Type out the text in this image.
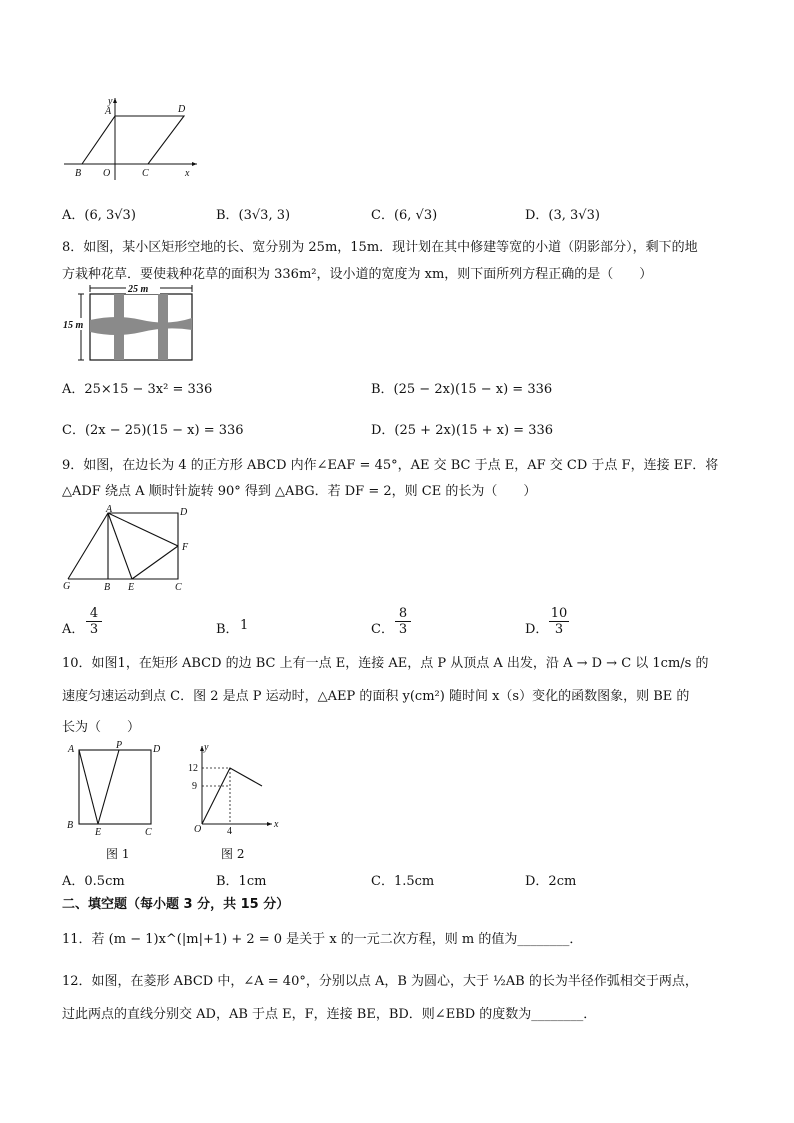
y
A	D
B O	C	x
A．(6, 3√3)	B．(3√3, 3)	C．(6, √3)	D．(3, 3√3)
8．如图，某小区矩形空地的长、宽分别为 25m，15m．现计划在其中修建等宽的小道（阴影部分），剩下的地
方栽种花草．要使栽种花草的面积为 336m²，设小道的宽度为 xm，则下面所列方程正确的是（　　）
25 m
15 m
A．25×15 − 3x² = 336	B．(25 − 2x)(15 − x) = 336
C．(2x − 25)(15 − x) = 336	D．(25 + 2x)(15 + x) = 336
9．如图，在边长为 4 的正方形 ABCD 内作∠EAF = 45°，AE 交 BC 于点 E，AF 交 CD 于点 F，连接 EF．将
△ADF 绕点 A 顺时针旋转 90° 得到 △ABG．若 DF = 2，则 CE 的长为（　　）
A	D
F
G	B E	C
A． $\frac{4}{3}$	B． 1	C． $\frac{8}{3}$	D． $\frac{10}{3}$
10．如图1，在矩形 ABCD 的边 BC 上有一点 E，连接 AE，点 P 从顶点 A 出发，沿 A → D → C 以 1cm/s 的
速度匀速运动到点 C．图 2 是点 P 运动时，△AEP 的面积 y(cm²) 随时间 x（s）变化的函数图象，则 BE 的
长为（　　）
A	P	D
B
E	C
图 1
y
x
O
12
9
4
图 2
A．0.5cm	B．1cm	C．1.5cm	D．2cm
二、填空题（每小题 3 分，共 15 分）
11．若 (m − 1)x^(|m|+1) + 2 = 0 是关于 x 的一元二次方程，则 m 的值为________．
12．如图，在菱形 ABCD 中，∠A = 40°，分别以点 A，B 为圆心，大于 ½AB 的长为半径作弧相交于两点，
过此两点的直线分别交 AD，AB 于点 E，F，连接 BE，BD．则∠EBD 的度数为________．
